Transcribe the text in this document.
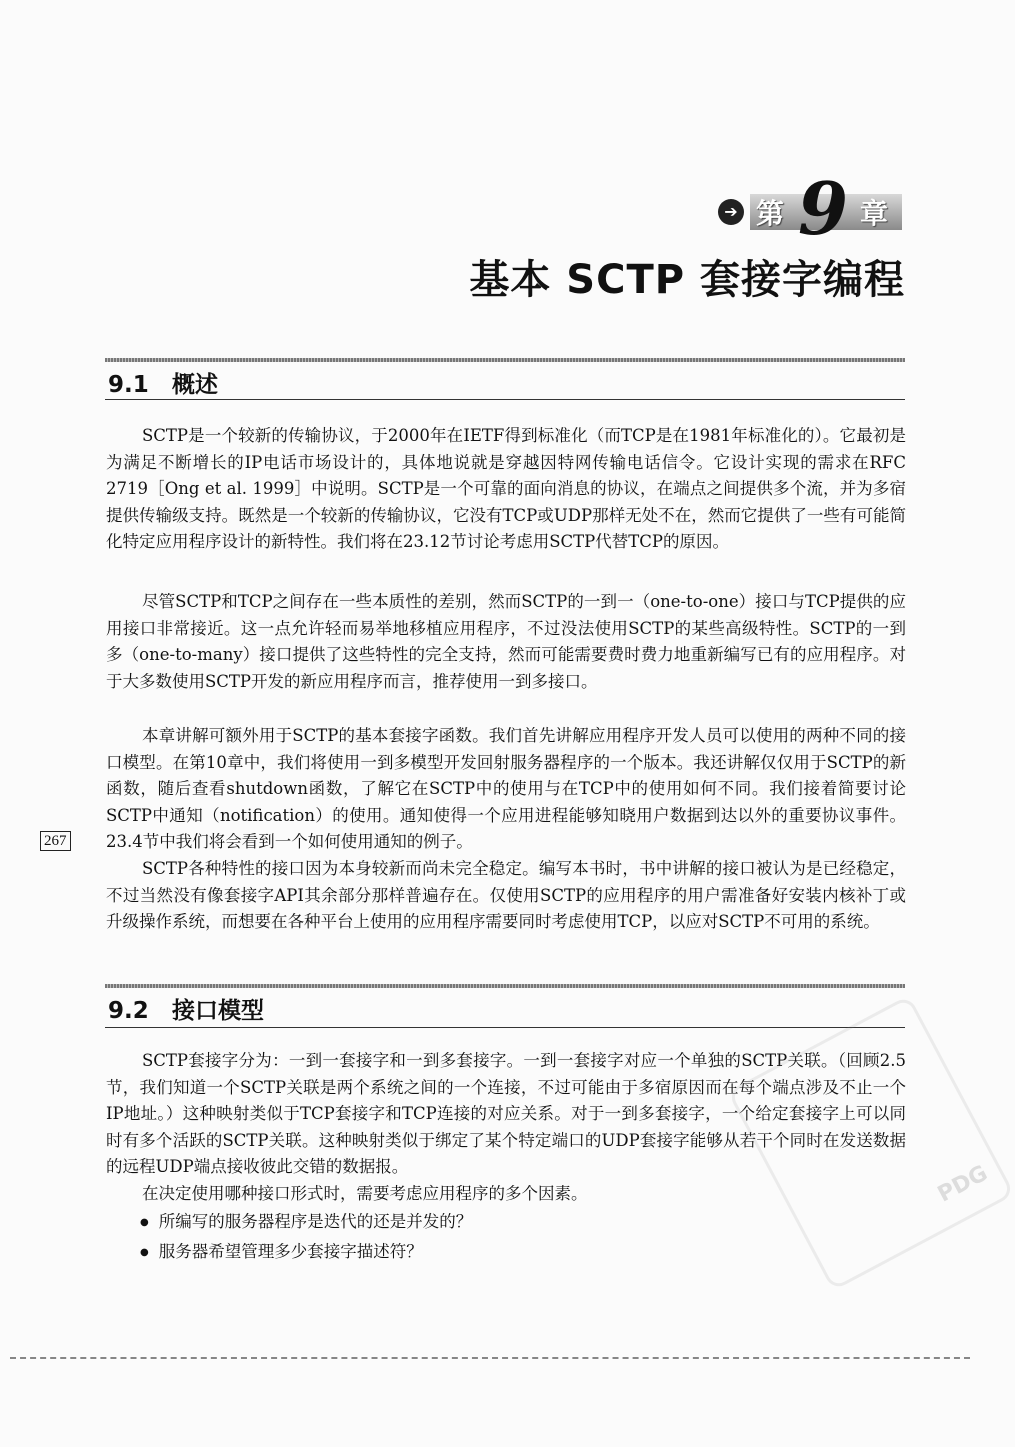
➔ 第 9 章
基本 SCTP 套接字编程
9.1 概述

SCTP是一个较新的传输协议，于2000年在IETF得到标准化（而TCP是在1981年标准化的）。它最初是为满足不断增长的IP电话市场设计的，具体地说就是穿越因特网传输电话信令。它设计实现的需求在RFC 2719［Ong et al. 1999］中说明。SCTP是一个可靠的面向消息的协议，在端点之间提供多个流，并为多宿提供传输级支持。既然是一个较新的传输协议，它没有TCP或UDP那样无处不在，然而它提供了一些有可能简化特定应用程序设计的新特性。我们将在23.12节讨论考虑用SCTP代替TCP的原因。

尽管SCTP和TCP之间存在一些本质性的差别，然而SCTP的一到一（one-to-one）接口与TCP提供的应用接口非常接近。这一点允许轻而易举地移植应用程序，不过没法使用SCTP的某些高级特性。SCTP的一到多（one-to-many）接口提供了这些特性的完全支持，然而可能需要费时费力地重新编写已有的应用程序。对于大多数使用SCTP开发的新应用程序而言，推荐使用一到多接口。

本章讲解可额外用于SCTP的基本套接字函数。我们首先讲解应用程序开发人员可以使用的两种不同的接口模型。在第10章中，我们将使用一到多模型开发回射服务器程序的一个版本。我还讲解仅仅用于SCTP的新函数，随后查看shutdown函数，了解它在SCTP中的使用与在TCP中的使用如何不同。我们接着简要讨论SCTP中通知（notification）的使用。通知使得一个应用进程能够知晓用户数据到达以外的重要协议事件。23.4节中我们将会看到一个如何使用通知的例子。

SCTP各种特性的接口因为本身较新而尚未完全稳定。编写本书时，书中讲解的接口被认为是已经稳定，不过当然没有像套接字API其余部分那样普遍存在。仅使用SCTP的应用程序的用户需准备好安装内核补丁或升级操作系统，而想要在各种平台上使用的应用程序需要同时考虑使用TCP，以应对SCTP不可用的系统。

267
9.2 接口模型

SCTP套接字分为：一到一套接字和一到多套接字。一到一套接字对应一个单独的SCTP关联。（回顾2.5节，我们知道一个SCTP关联是两个系统之间的一个连接，不过可能由于多宿原因而在每个端点涉及不止一个IP地址。）这种映射类似于TCP套接字和TCP连接的对应关系。对于一到多套接字，一个给定套接字上可以同时有多个活跃的SCTP关联。这种映射类似于绑定了某个特定端口的UDP套接字能够从若干个同时在发送数据的远程UDP端点接收彼此交错的数据报。

在决定使用哪种接口形式时，需要考虑应用程序的多个因素。

● 所编写的服务器程序是迭代的还是并发的？
● 服务器希望管理多少套接字描述符？
PDG
